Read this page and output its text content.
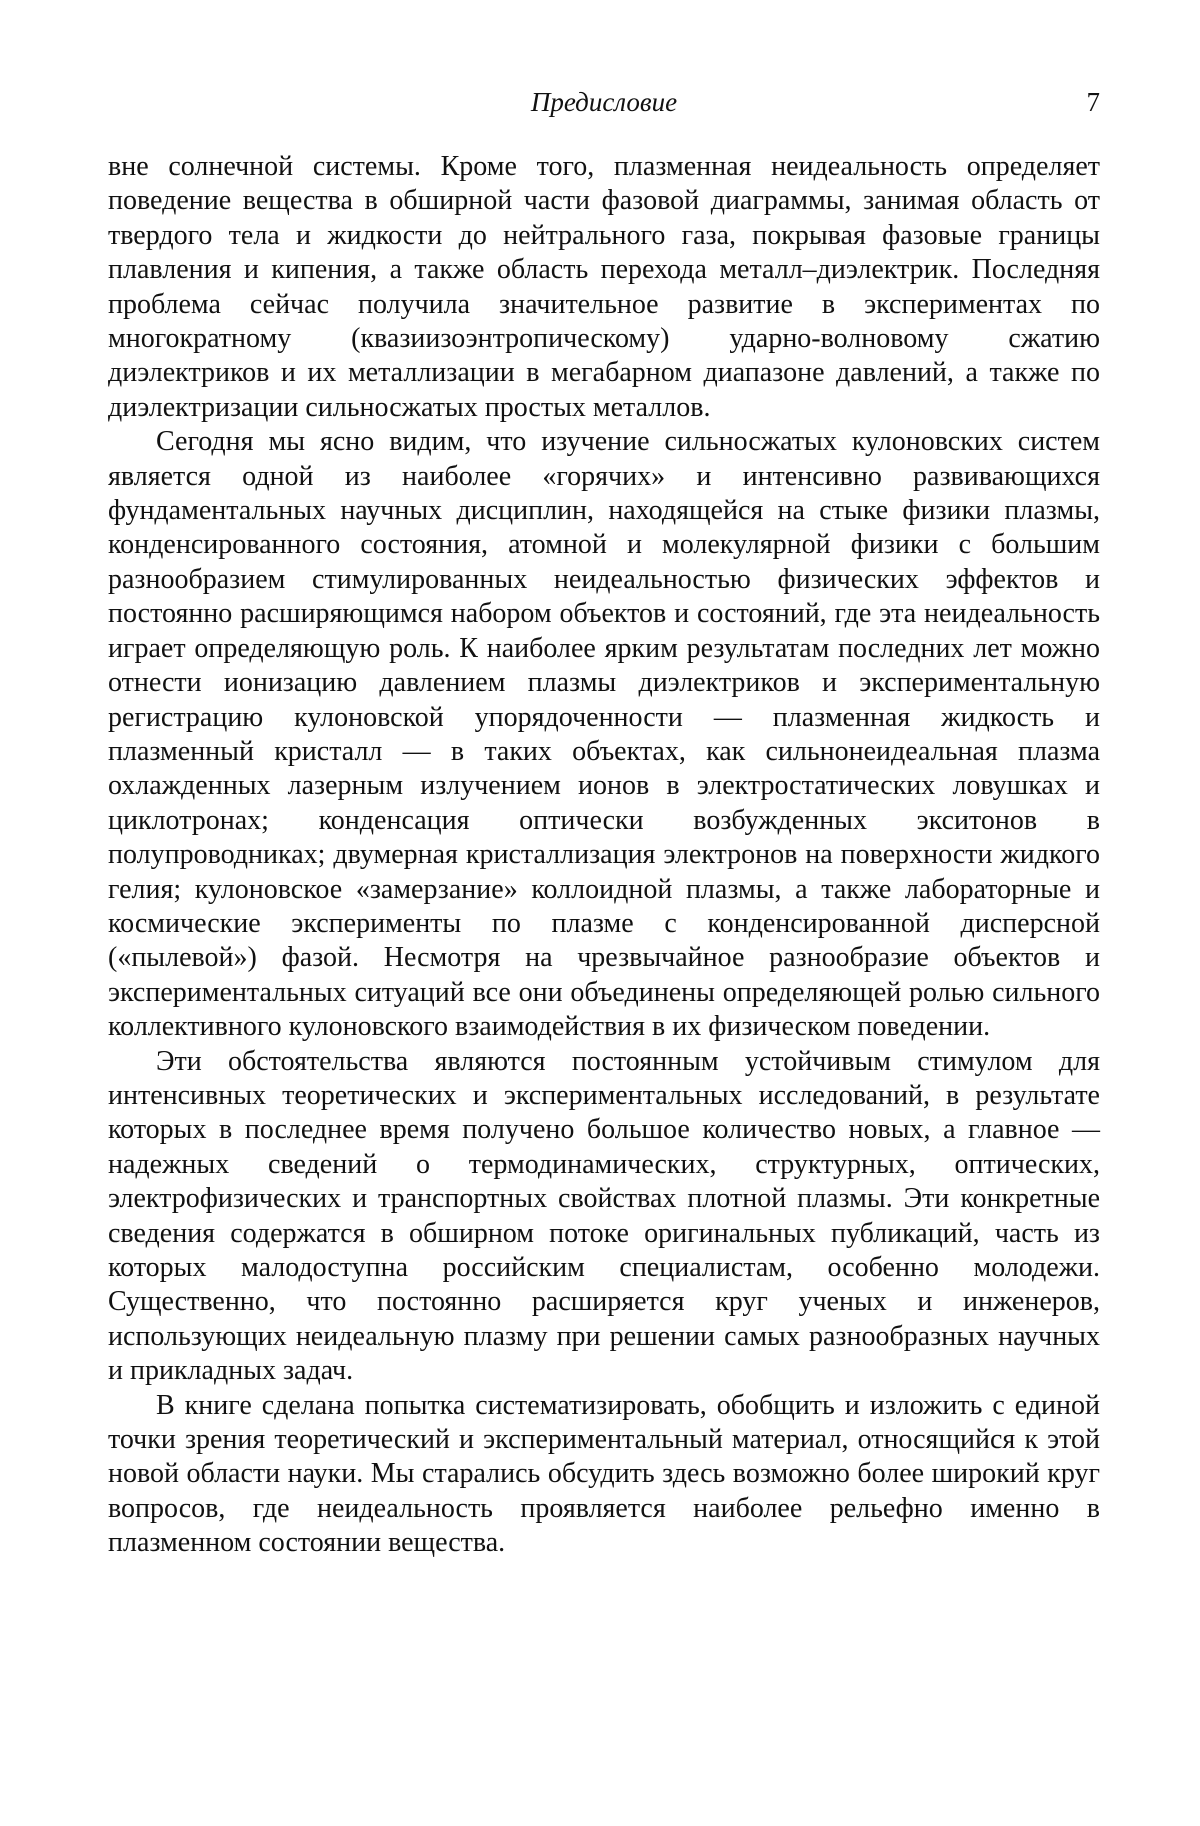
Предисловие	7

вне солнечной системы. Кроме того, плазменная неидеальность определяет поведение вещества в обширной части фазовой диаграммы, занимая область от твердого тела и жидкости до нейтрального газа, покрывая фазовые границы плавления и кипения, а также область перехода металл–диэлектрик. Последняя проблема сейчас получила значительное развитие в экспериментах по многократному (квазиизоэнтропическому) ударно-волновому сжатию диэлектриков и их металлизации в мегабарном диапазоне давлений, а также по диэлектризации сильносжатых простых металлов.

Сегодня мы ясно видим, что изучение сильносжатых кулоновских систем является одной из наиболее «горячих» и интенсивно развивающихся фундаментальных научных дисциплин, находящейся на стыке физики плазмы, конденсированного состояния, атомной и молекулярной физики с большим разнообразием стимулированных неидеальностью физических эффектов и постоянно расширяющимся набором объектов и состояний, где эта неидеальность играет определяющую роль. К наиболее ярким результатам последних лет можно отнести ионизацию давлением плазмы диэлектриков и экспериментальную регистрацию кулоновской упорядоченности — плазменная жидкость и плазменный кристалл — в таких объектах, как сильнонеидеальная плазма охлажденных лазерным излучением ионов в электростатических ловушках и циклотронах; конденсация оптически возбужденных экситонов в полупроводниках; двумерная кристаллизация электронов на поверхности жидкого гелия; кулоновское «замерзание» коллоидной плазмы, а также лабораторные и космические эксперименты по плазме с конденсированной дисперсной («пылевой») фазой. Несмотря на чрезвычайное разнообразие объектов и экспериментальных ситуаций все они объединены определяющей ролью сильного коллективного кулоновского взаимодействия в их физическом поведении.

Эти обстоятельства являются постоянным устойчивым стимулом для интенсивных теоретических и экспериментальных исследований, в результате которых в последнее время получено большое количество новых, а главное — надежных сведений о термодинамических, структурных, оптических, электрофизических и транспортных свойствах плотной плазмы. Эти конкретные сведения содержатся в обширном потоке оригинальных публикаций, часть из которых малодоступна российским специалистам, особенно молодежи. Существенно, что постоянно расширяется круг ученых и инженеров, использующих неидеальную плазму при решении самых разнообразных научных и прикладных задач.

В книге сделана попытка систематизировать, обобщить и изложить с единой точки зрения теоретический и экспериментальный материал, относящийся к этой новой области науки. Мы старались обсудить здесь возможно более широкий круг вопросов, где неидеальность проявляется наиболее рельефно именно в плазменном состоянии вещества.
